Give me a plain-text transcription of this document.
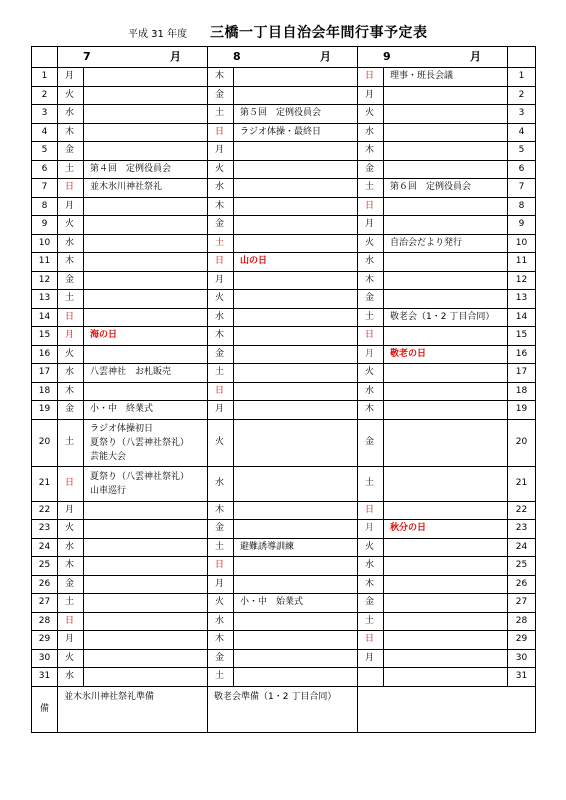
平成 31 年度 三橋一丁目自治会年間行事予定表

	7 月		8 月		9 月		

1	月		木		日	理事・班長会議	1
2	火		金		月		2
3	水		土	第５回　定例役員会	火		3
4	木		日	ラジオ体操・最終日	水		4
5	金		月		木		5
6	土	第４回　定例役員会	火		金		6
7	日	並木氷川神社祭礼	水		土	第６回　定例役員会	7
8	月		木		日		8
9	火		金		月		9
10	水		土		火	自治会だより発行	10
11	木		日	山の日	水		11
12	金		月		木		12
13	土		火		金		13
14	日		水		土	敬老会（1・2 丁目合同）	14
15	月	海の日	木		日		15
16	火		金		月	敬老の日	16
17	水	八雲神社　お札販売	土		火		17
18	木		日		水		18
19	金	小・中　終業式	月		木		19
20	土	ラジオ体操初日
夏祭り（八雲神社祭礼）
芸能大会	火		金		20
21	日	夏祭り（八雲神社祭礼）
山車巡行	水		土		21
22	月		木		日		22
23	火		金		月	秋分の日	23
24	水		土	避難誘導訓練	火		24
25	木		日		水		25
26	金		月		木		26
27	土		火	小・中　始業式	金		27
28	日		水		土		28
29	月		木		日		29
30	火		金		月		30
31	水		土				31
備	並木氷川神社祭礼準備		敬老会準備（1・2 丁目合同）				
